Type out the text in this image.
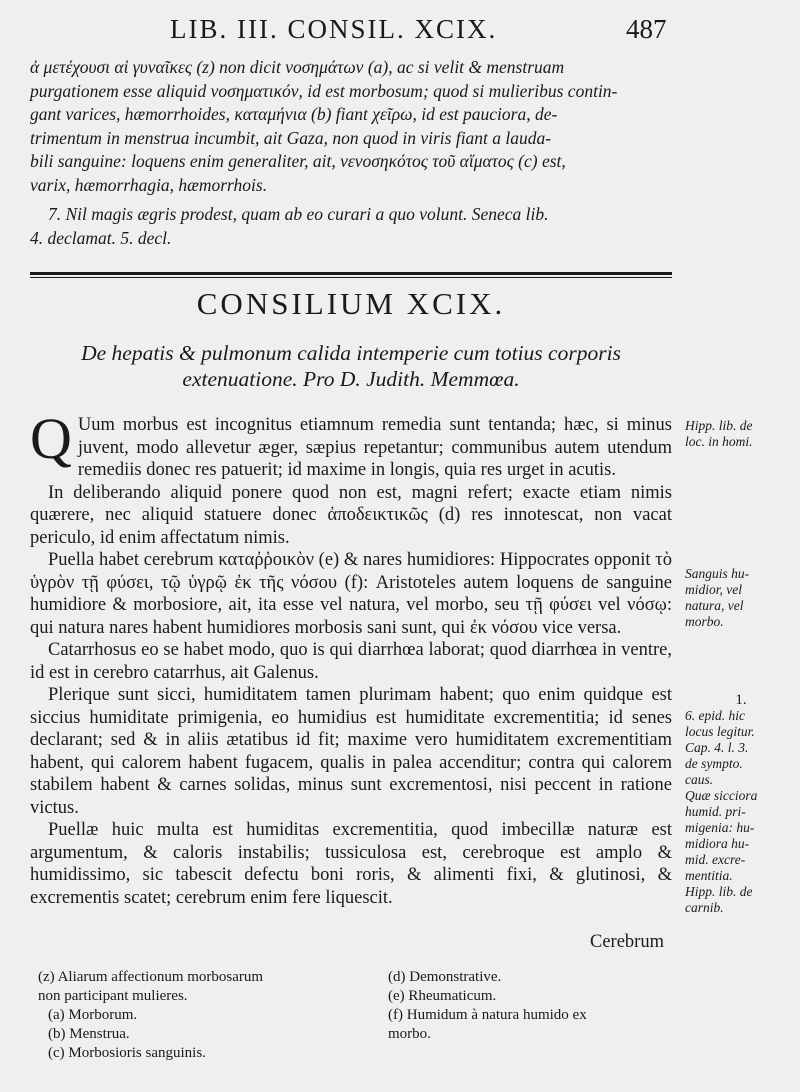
LIB. III. CONSIL. XCIX.	487

ἀ μετέχουσι αἱ γυναῖκες (z) non dicit νοσημάτων (a), ac si velit & menstruam

purgationem esse aliquid νοσηματικόν, id est morbosum; quod si mulieribus contin-

gant varices, hæmorrhoides, καταμήνια (b) fiant χεῖρω, id est pauciora, de-

trimentum in menstrua incumbit, ait Gaza, non quod in viris fiant a lauda-

bili sanguine: loquens enim generaliter, ait, νενοσηκότος τοῦ αἵματος (c) est,

varix, hæmorrhagia, hæmorrhois.

7. Nil magis ægris prodest, quam ab eo curari a quo volunt. Seneca lib.

4. declamat. 5. decl.

CONSILIUM XCIX.
De hepatis & pulmonum calida intemperie cum totius corporis
extenuatione. Pro D. Judith. Memmœa.

Q Uum morbus est incognitus etiamnum remedia sunt tentanda; hæc, si minus juvent, modo allevetur æger, sæpius repetantur; communibus autem utendum remediis donec res patuerit; id maxime in longis, quia res urget in acutis.

In deliberando aliquid ponere quod non est, magni refert; exacte etiam nimis quærere, nec aliquid statuere donec ἀποδεικτικῶς (d) res innotescat, non vacat periculo, id enim affectatum nimis.

Puella habet cerebrum καταῤῥοικὸν (e) & nares humidiores: Hippocrates opponit τὸ ὑγρὸν τῇ φύσει, τῷ ὑγρῷ ἐκ τῆς νόσου (f): Aristoteles autem loquens de sanguine humidiore & morbosiore, ait, ita esse vel natura, vel morbo, seu τῇ φύσει vel νόσῳ: qui natura nares habent humidiores morbosis sani sunt, qui ἐκ νόσου vice versa.

Catarrhosus eo se habet modo, quo is qui diarrhœa laborat; quod diarrhœa in ventre, id est in cerebro catarrhus, ait Galenus.

Plerique sunt sicci, humiditatem tamen plurimam habent; quo enim quidque est siccius humiditate primigenia, eo humidius est humiditate excrementitia; id senes declarant; sed & in aliis ætatibus id fit; maxime vero humiditatem excrementitiam habent, qui calorem habent fugacem, qualis in palea accenditur; contra qui calorem stabilem habent & carnes solidas, minus sunt excrementosi, nisi peccent in ratione victus.

Puellæ huic multa est humiditas excrementitia, quod imbecillæ naturæ est argumentum, & caloris instabilis; tussiculosa est, cerebroque est amplo & humidissimo, sic tabescit defectu boni roris, & alimenti fixi, & glutinosi, & excrementis scatet; cerebrum enim fere liquescit.

Cerebrum
Hipp. lib. de
loc. in homi.
Sanguis hu-
midior, vel
natura, vel
morbo.
1.
6. epid. hic
locus legitur.
Cap. 4. l. 3.
de sympto.
caus.
Quæ sicciora
humid. pri-
migenia: hu-
midiora hu-
mid. excre-
mentitia.
Hipp. lib. de
carnib.
(z) Aliarum affectionum morbosarum
non participant mulieres.
(a) Morborum.
(b) Menstrua.
(c) Morbosioris sanguinis.
(d) Demonstrative.
(e) Rheumaticum.
(f) Humidum à natura humido ex
morbo.
